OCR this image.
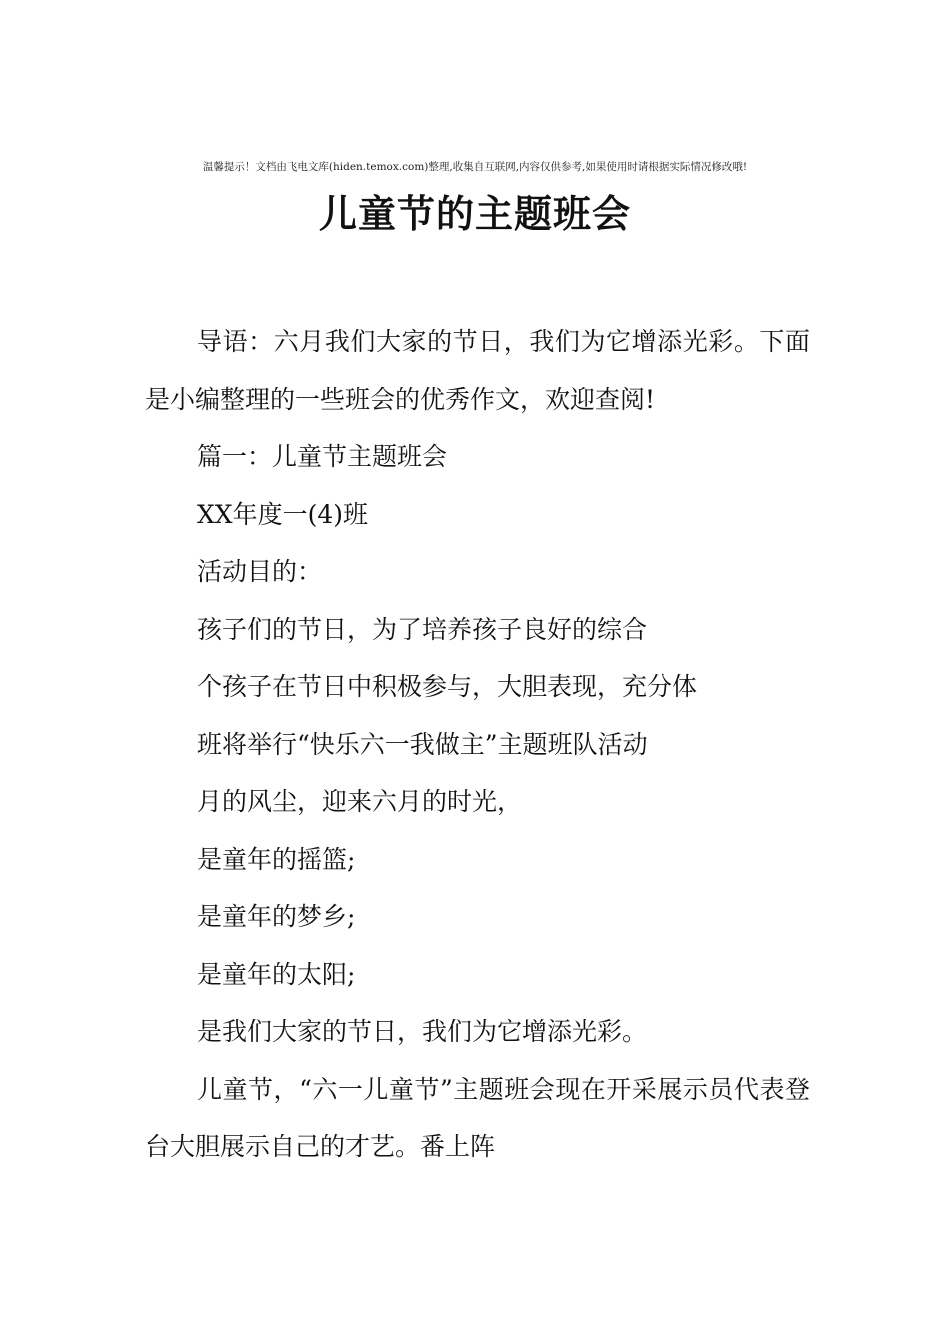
温馨提示！文档由飞电文库(hiden.temox.com)整理,收集自互联网,内容仅供参考,如果使用时请根据实际情况修改哦!
儿童节的主题班会

导语：六月我们大家的节日，我们为它增添光彩。下面是小编整理的一些班会的优秀作文，欢迎查阅!

篇一：儿童节主题班会

XX年度一(4)班

活动目的：

孩子们的节日，为了培养孩子良好的综合

个孩子在节日中积极参与，大胆表现，充分体

班将举行“快乐六一我做主”主题班队活动

月的风尘，迎来六月的时光，

是童年的摇篮;

是童年的梦乡;

是童年的太阳;

是我们大家的节日，我们为它增添光彩。

儿童节，“六一儿童节”主题班会现在开采展示员代表登台大胆展示自己的才艺。番上阵
